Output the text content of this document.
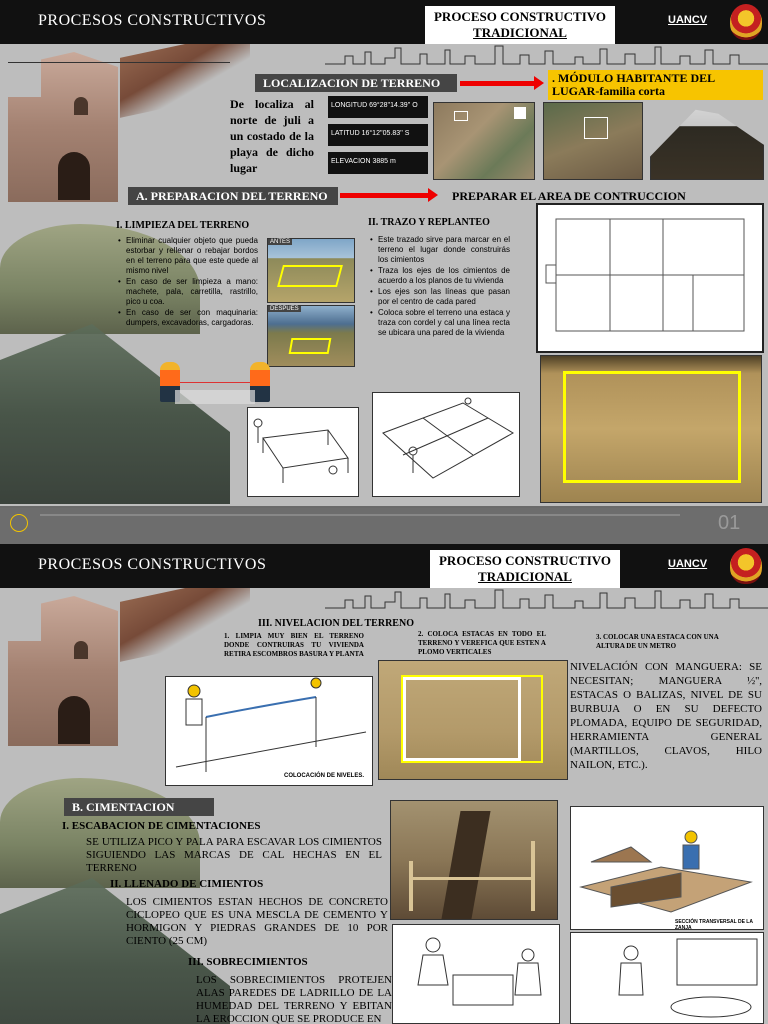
PROCESOS CONSTRUCTIVOS	PROCESO CONSTRUCTIVO
TRADICIONAL
UANCV
LOCALIZACION DE TERRENO	. MÓDULO HABITANTE DEL
LUGAR-familia corta
De localiza al norte de juli a un costado de la playa de dicho lugar
LONGITUD 69°28''14.39'' O
LATITUD 16°12''05.83'' S
ELEVACION 3885 m
A. PREPARACION DEL TERRENO	PREPARAR EL AREA DE CONTRUCCION
I. LIMPIEZA DEL TERRENO
• Eliminar cualquier objeto que pueda estorbar y rellenar o rebajar bordos en el terreno para que este quede al mismo nivel
• En caso de ser limpieza a mano: machete, pala, carretilla, rastrillo, pico u coa.
• En caso de ser con maquinaria: dumpers, excavadoras, cargadoras.
ANTES
DESPUES
II. TRAZO Y REPLANTEO
• Este trazado sirve para marcar en el terreno el lugar donde construirás los cimientos
• Traza los ejes de los cimientos de acuerdo a los planos de tu vivienda
• Los ejes son las líneas que pasan por el centro de cada pared
• Coloca sobre el terreno una estaca y traza con cordel y cal una línea recta se ubicara una pared de la vivienda
01
PROCESOS CONSTRUCTIVOS	PROCESO CONSTRUCTIVO
TRADICIONAL
UANCV
III. NIVELACION DEL TERRENO
1. LIMPIA MUY BIEN EL TERRENO DONDE CONTRUIRAS TU VIVIENDA RETIRA ESCOMBROS BASURA Y PLANTA
2. COLOCA ESTACAS EN TODO EL TERRENO Y VEREFICA QUE ESTEN A PLOMO VERTICALES
3. COLOCAR UNA ESTACA CON UNA ALTURA DE UN METRO
COLOCACIÓN DE NIVELES.
NIVELACIÓN CON MANGUERA: SE NECESITAN; MANGUERA ½'', ESTACAS O BALIZAS, NIVEL DE SU BURBUJA O EN SU DEFECTO PLOMADA, EQUIPO DE SEGURIDAD, HERRAMIENTA GENERAL (MARTILLOS, CLAVOS, HILO NAILON, ETC.).
B. CIMENTACION
I. ESCABACION DE CIMENTACIONES
SE UTILIZA PICO Y PALA PARA ESCAVAR LOS CIMIENTOS SIGUIENDO LAS MARCAS DE CAL HECHAS EN EL TERRENO
II. LLENADO DE CIMIENTOS
LOS CIMIENTOS ESTAN HECHOS DE CONCRETO CICLOPEO QUE ES UNA MESCLA DE CEMENTO Y HORMIGON Y PIEDRAS GRANDES DE 10 POR CIENTO (25 CM)
III. SOBRECIMIENTOS
LOS SOBRECIMIENTOS PROTEJEN ALAS PAREDES DE LADRILLO DE LA HUMEDAD DEL TERRENO Y EBITAN LA EROCCION QUE SE PRODUCE EN
SECCIÓN TRANSVERSAL DE LA ZANJA
